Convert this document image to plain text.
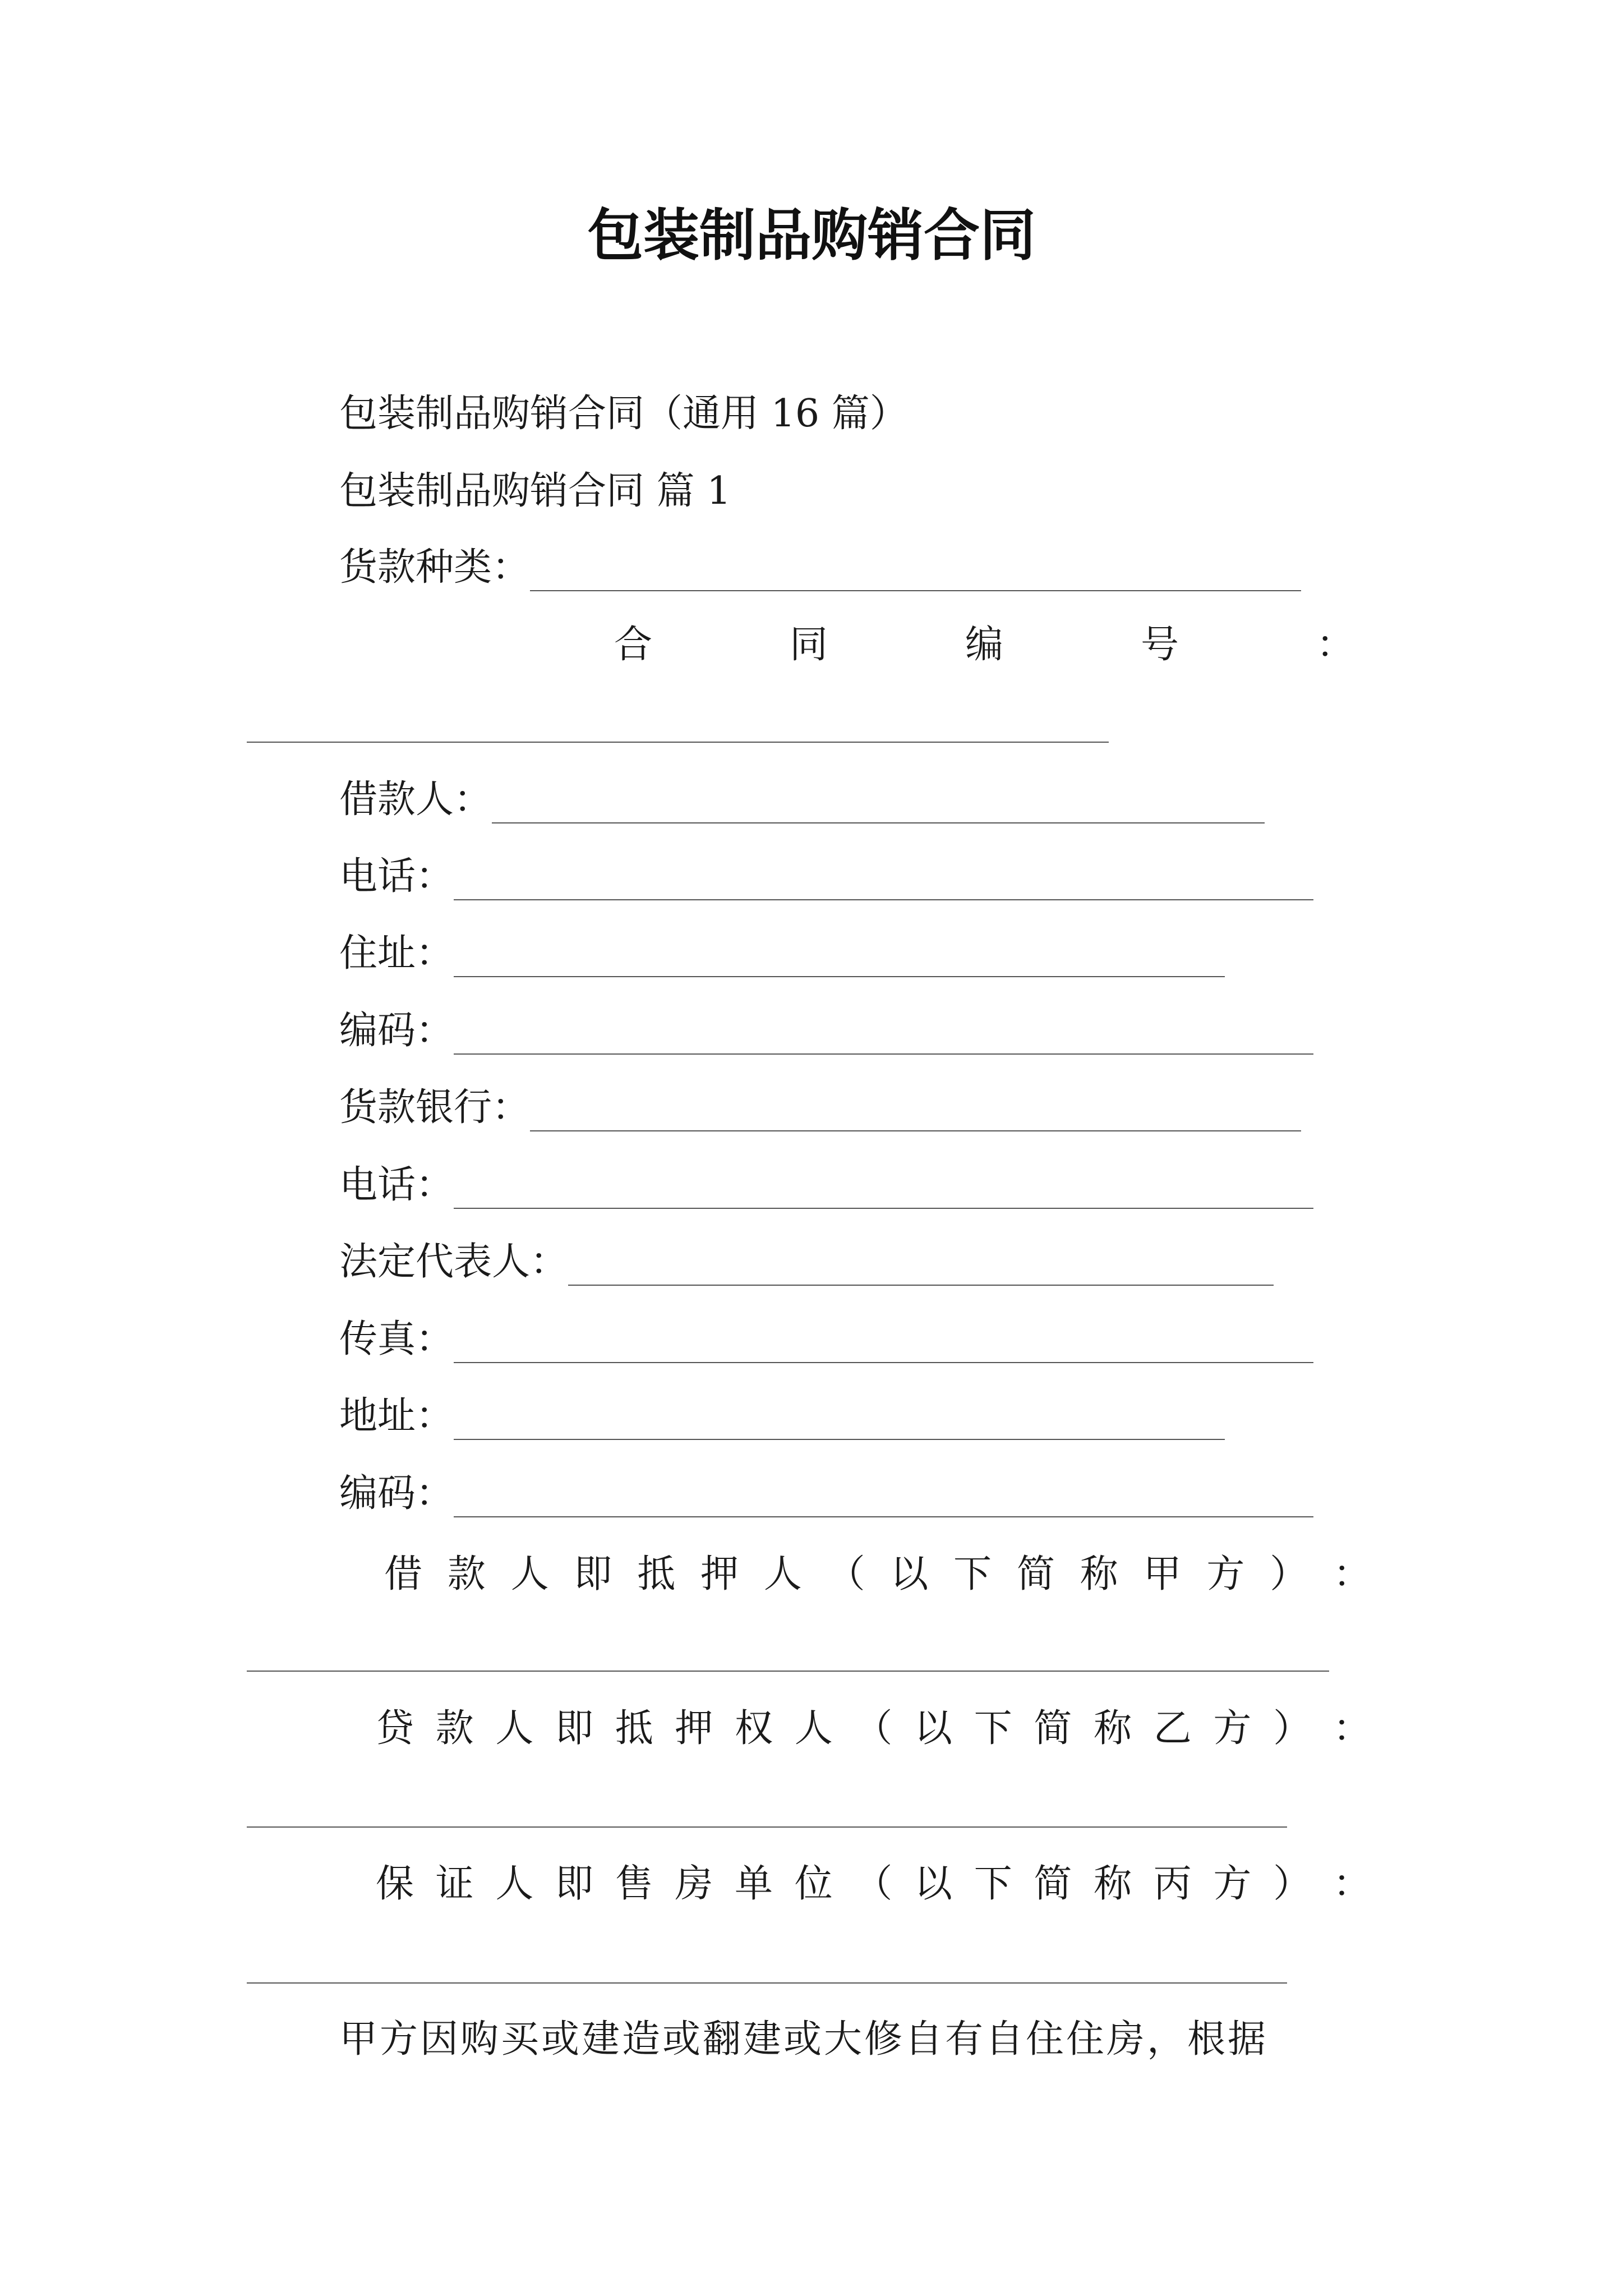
包装制品购销合同
包装制品购销合同（通用 16 篇）
包装制品购销合同 篇 1
货款种类：
合	同	编	号	：
借款人：
电话：
住址：
编码：
货款银行：
电话：
法定代表人：
传真：
地址：
编码：
借 款 人 即 抵 押 人 （ 以 下 简 称 甲 方 ） ：
贷 款 人 即 抵 押 权 人 （ 以 下 简 称 乙 方 ） ：
保 证 人 即 售 房 单 位 （ 以 下 简 称 丙 方 ） ：
甲方因购买或建造或翻建或大修自有自住住房，根据
